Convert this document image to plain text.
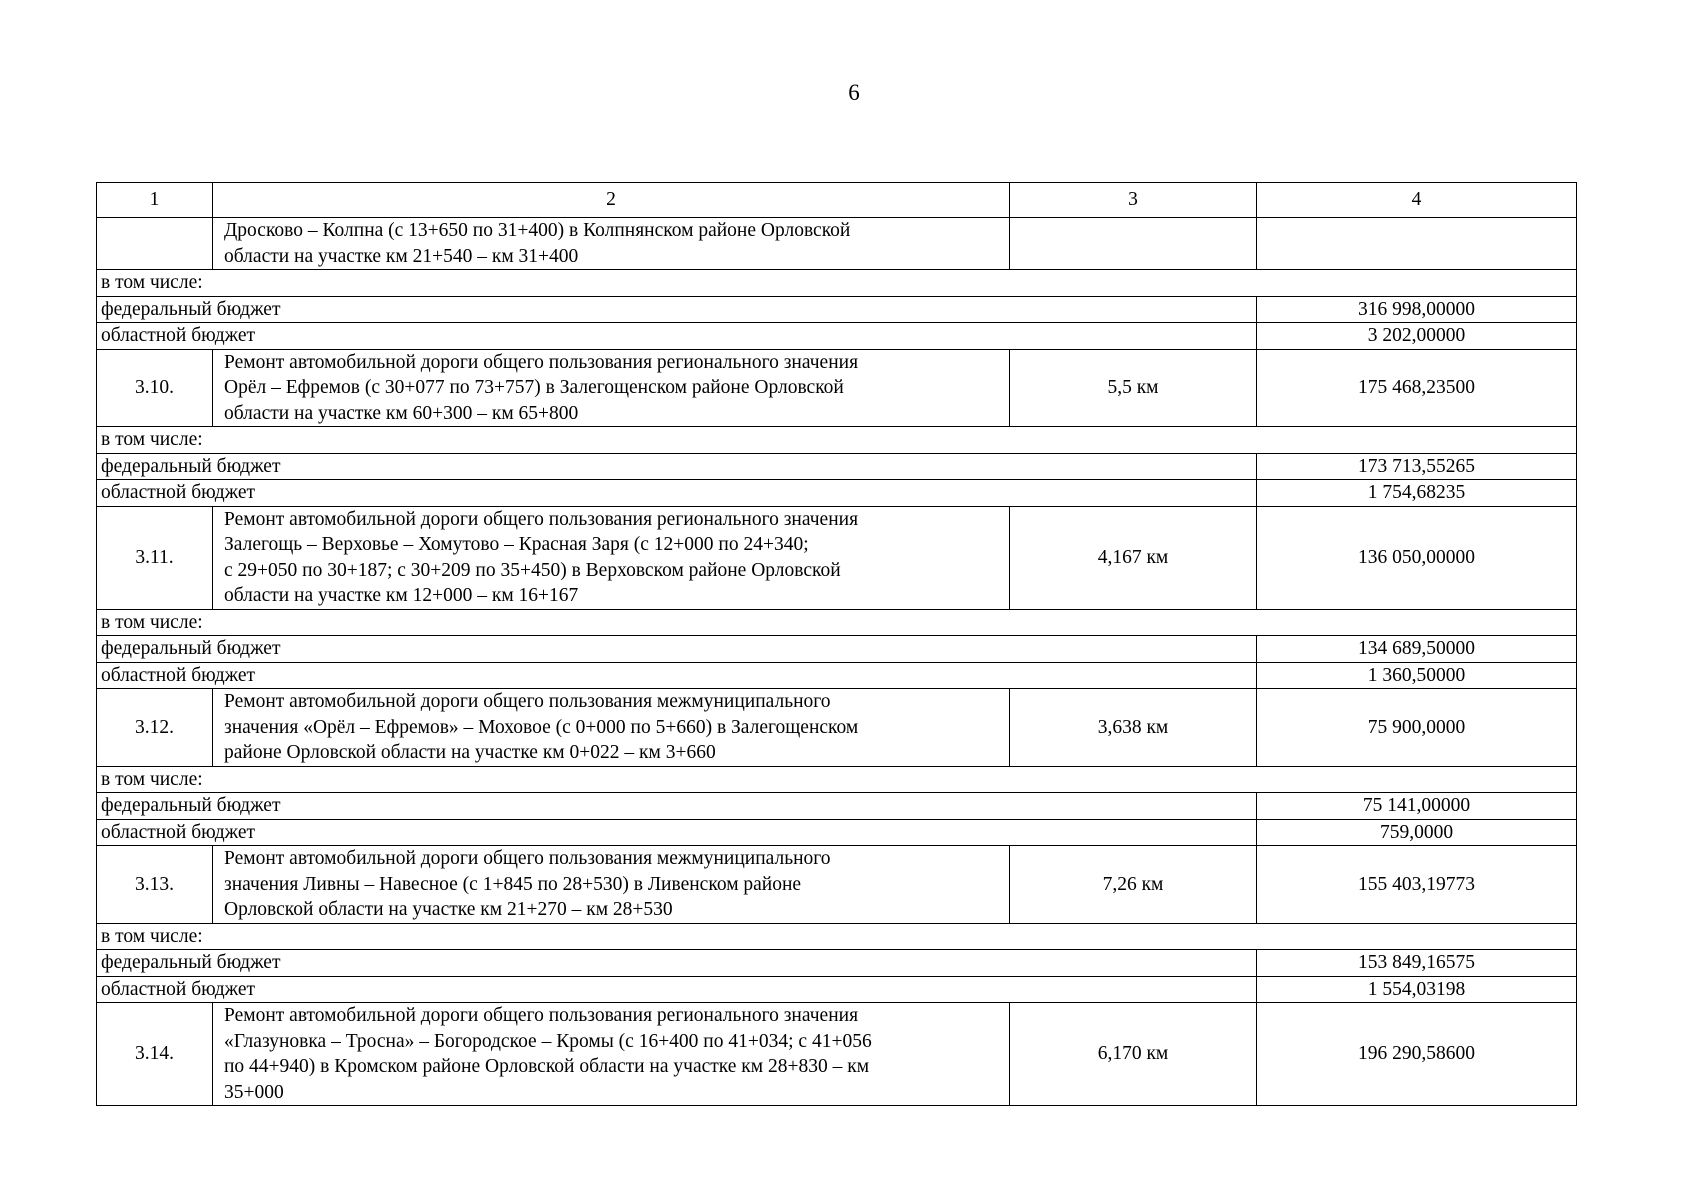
6
1	2	3	4

	Дросково – Колпна (с 13+650 по 31+400) в Колпнянском районе Орловской
области на участке км 21+540 – км 31+400		

в том числе:			
федеральный бюджет			316 998,00000
областной бюджет			3 202,00000
3.10.	Ремонт автомобильной дороги общего пользования регионального значения
Орёл – Ефремов (с 30+077 по 73+757) в Залегощенском районе Орловской
области на участке км 60+300 – км 65+800	5,5 км	175 468,23500
в том числе:			
федеральный бюджет			173 713,55265
областной бюджет			1 754,68235
3.11.	Ремонт автомобильной дороги общего пользования регионального значения
Залегощь – Верховье – Хомутово – Красная Заря (с 12+000 по 24+340;
с 29+050 по 30+187; с 30+209 по 35+450) в Верховском районе Орловской
области на участке км 12+000 – км 16+167	4,167 км	136 050,00000
в том числе:			
федеральный бюджет			134 689,50000
областной бюджет			1 360,50000
3.12.	Ремонт автомобильной дороги общего пользования межмуниципального
значения «Орёл – Ефремов» – Моховое (с 0+000 по 5+660) в Залегощенском
районе Орловской области на участке км 0+022 – км 3+660	3,638 км	75 900,0000
в том числе:			
федеральный бюджет			75 141,00000
областной бюджет			759,0000
3.13.	Ремонт автомобильной дороги общего пользования межмуниципального
значения Ливны – Навесное (с 1+845 по 28+530) в Ливенском районе
Орловской области на участке км 21+270 – км 28+530	7,26 км	155 403,19773
в том числе:			
федеральный бюджет			153 849,16575
областной бюджет			1 554,03198
3.14.	Ремонт автомобильной дороги общего пользования регионального значения
«Глазуновка – Тросна» – Богородское – Кромы (с 16+400 по 41+034; с 41+056
по 44+940) в Кромском районе Орловской области на участке км 28+830 – км
35+000	6,170 км	196 290,58600
